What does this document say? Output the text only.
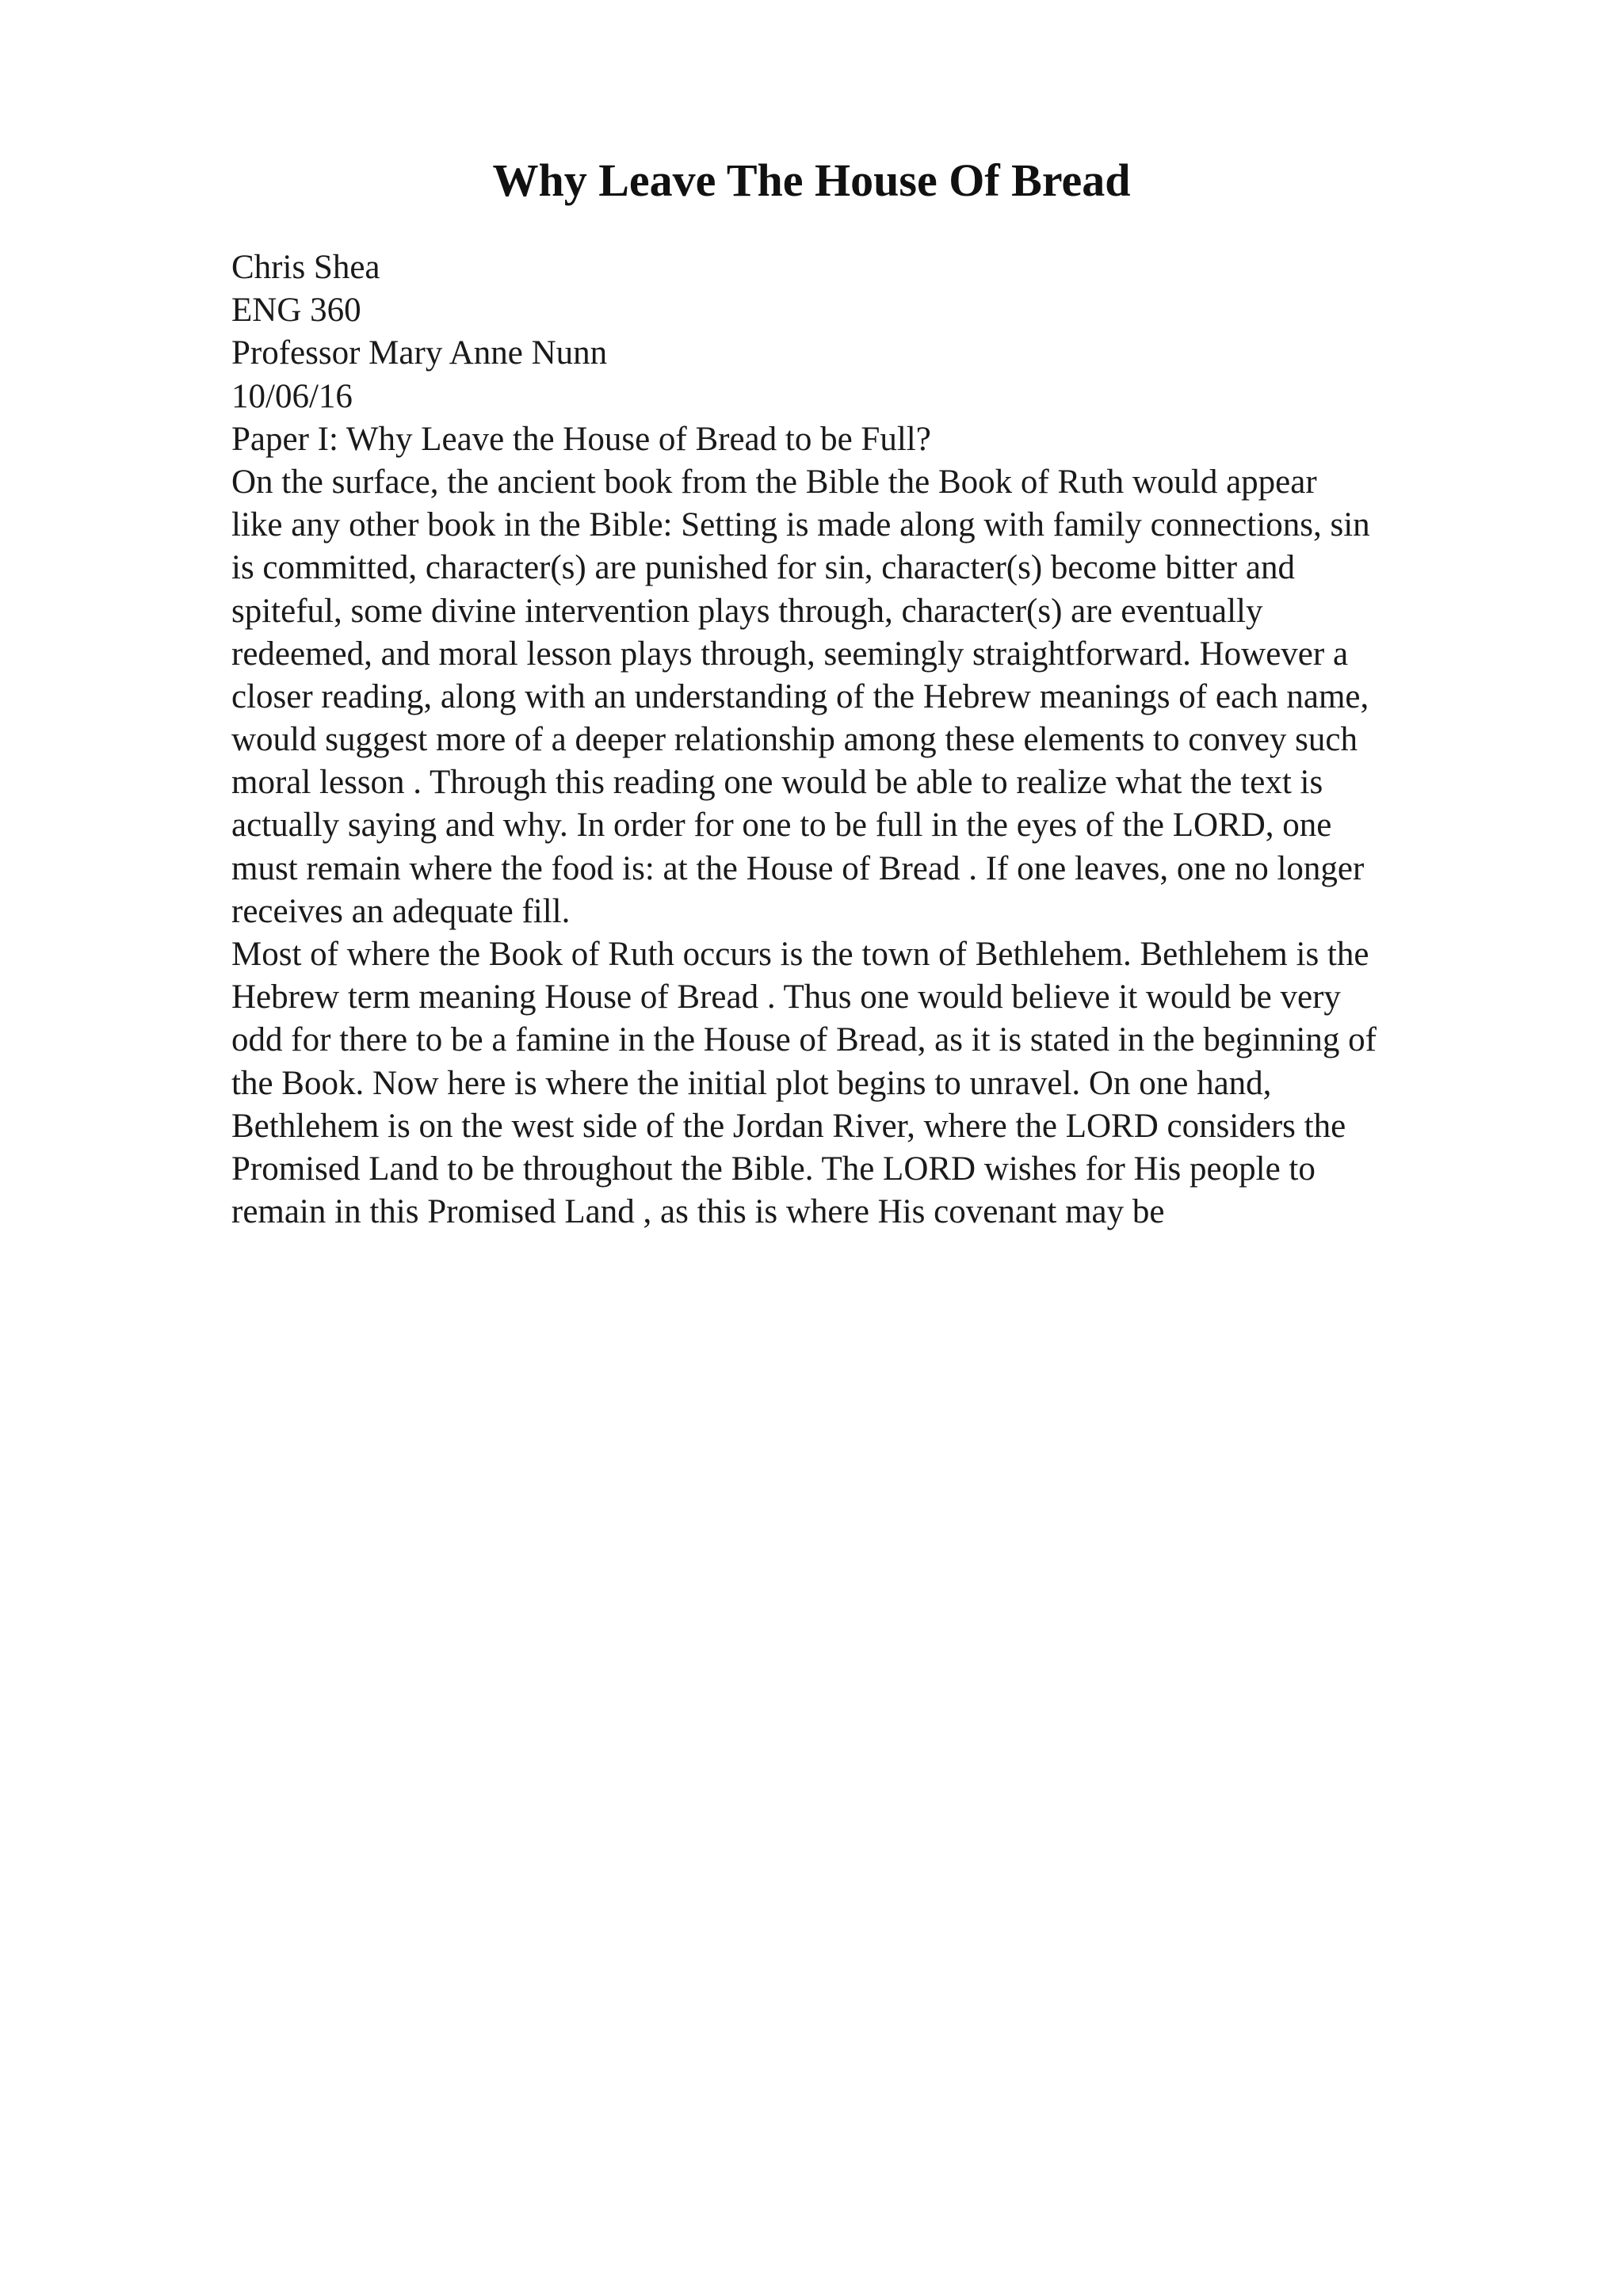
Why Leave The House Of Bread
Chris Shea
ENG 360
Professor Mary Anne Nunn
10/06/16
Paper I: Why Leave the House of Bread to be Full?
On the surface, the ancient book from the Bible the Book of Ruth would appear
like any other book in the Bible: Setting is made along with family connections, sin
is committed, character(s) are punished for sin, character(s) become bitter and
spiteful, some divine intervention plays through, character(s) are eventually
redeemed, and moral lesson plays through, seemingly straightforward. However a
closer reading, along with an understanding of the Hebrew meanings of each name,
would suggest more of a deeper relationship among these elements to convey such
moral lesson . Through this reading one would be able to realize what the text is
actually saying and why. In order for one to be full in the eyes of the LORD, one
must remain where the food is: at the House of Bread . If one leaves, one no longer
receives an adequate fill.
Most of where the Book of Ruth occurs is the town of Bethlehem. Bethlehem is the
Hebrew term meaning House of Bread . Thus one would believe it would be very
odd for there to be a famine in the House of Bread, as it is stated in the beginning of
the Book. Now here is where the initial plot begins to unravel. On one hand,
Bethlehem is on the west side of the Jordan River, where the LORD considers the
Promised Land to be throughout the Bible. The LORD wishes for His people to
remain in this Promised Land , as this is where His covenant may be
